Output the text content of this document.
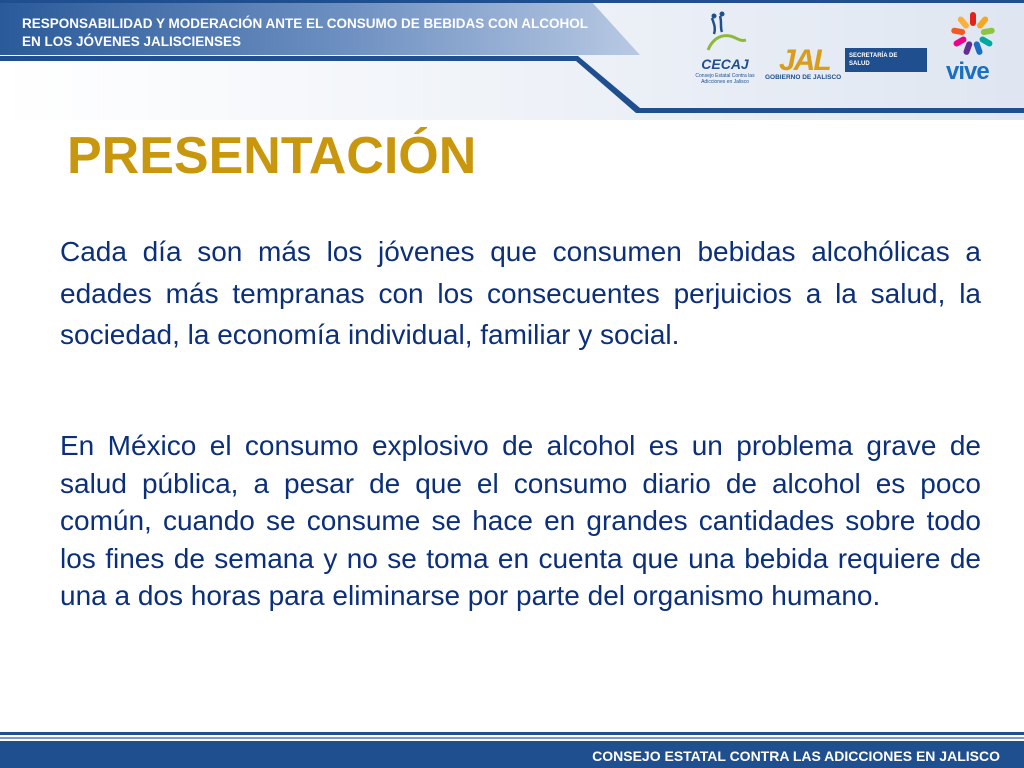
RESPONSABILIDAD Y MODERACIÓN ANTE EL CONSUMO DE BEBIDAS CON ALCOHOL
EN LOS JÓVENES JALISCIENSES
CECAJ
Consejo Estatal Contra las Adicciones en Jalisco
JAL	SECRETARÍA DE
SALUD
GOBIERNO DE JALISCO	vive
PRESENTACIÓN

Cada día son más los jóvenes que consumen bebidas alcohólicas a edades más tempranas con los consecuentes perjuicios a la salud, la sociedad, la economía individual, familiar y social.

En México el consumo explosivo de alcohol es un problema grave de salud pública, a pesar de que el consumo diario de alcohol es poco común, cuando se consume se hace en grandes cantidades sobre todo los fines de semana y no se toma en cuenta que una bebida requiere de una a dos horas para eliminarse por parte del organismo humano.

CONSEJO ESTATAL CONTRA LAS ADICCIONES EN JALISCO
